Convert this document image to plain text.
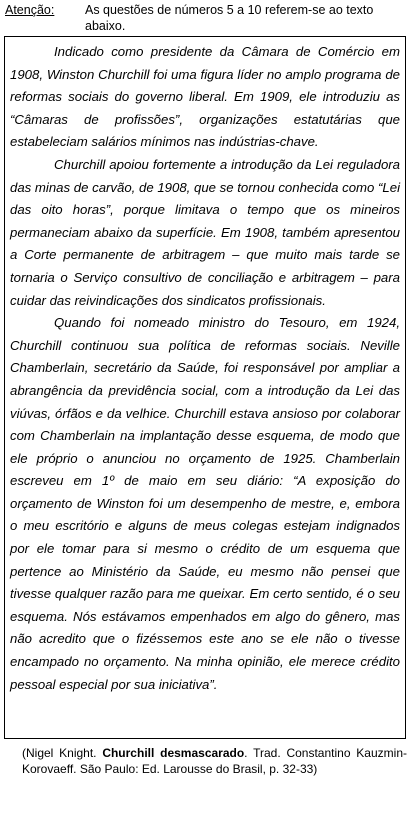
Atenção: As questões de números 5 a 10 referem-se ao texto abaixo.

Indicado como presidente da Câmara de Comércio em 1908, Winston Churchill foi uma figura líder no amplo programa de reformas sociais do governo liberal. Em 1909, ele introduziu as “Câmaras de profissões”, organizações estatutárias que estabeleciam salários mínimos nas indústrias-chave.

Churchill apoiou fortemente a introdução da Lei reguladora das minas de carvão, de 1908, que se tornou conhecida como “Lei das oito horas”, porque limitava o tempo que os mineiros permaneciam abaixo da superfície. Em 1908, também apresentou a Corte permanente de arbitragem – que muito mais tarde se tornaria o Serviço consultivo de conciliação e arbitragem – para cuidar das reivindicações dos sindicatos profissionais.

Quando foi nomeado ministro do Tesouro, em 1924, Churchill continuou sua política de reformas sociais. Neville Chamberlain, secretário da Saúde, foi responsável por ampliar a abrangência da previdência social, com a introdução da Lei das viúvas, órfãos e da velhice. Churchill estava ansioso por colaborar com Chamberlain na implantação desse esquema, de modo que ele próprio o anunciou no orçamento de 1925. Chamberlain escreveu em 1º de maio em seu diário: “A exposição do orçamento de Winston foi um desempenho de mestre, e, embora o meu escritório e alguns de meus colegas estejam indignados por ele tomar para si mesmo o crédito de um esquema que pertence ao Ministério da Saúde, eu mesmo não pensei que tivesse qualquer razão para me queixar. Em certo sentido, é o seu esquema. Nós estávamos empenhados em algo do gênero, mas não acredito que o fizéssemos este ano se ele não o tivesse encampado no orçamento. Na minha opinião, ele merece crédito pessoal especial por sua iniciativa”.

(Nigel Knight. Churchill desmascarado. Trad. Constantino Kauzmin-Korovaeff. São Paulo: Ed. Larousse do Brasil, p. 32-33)
